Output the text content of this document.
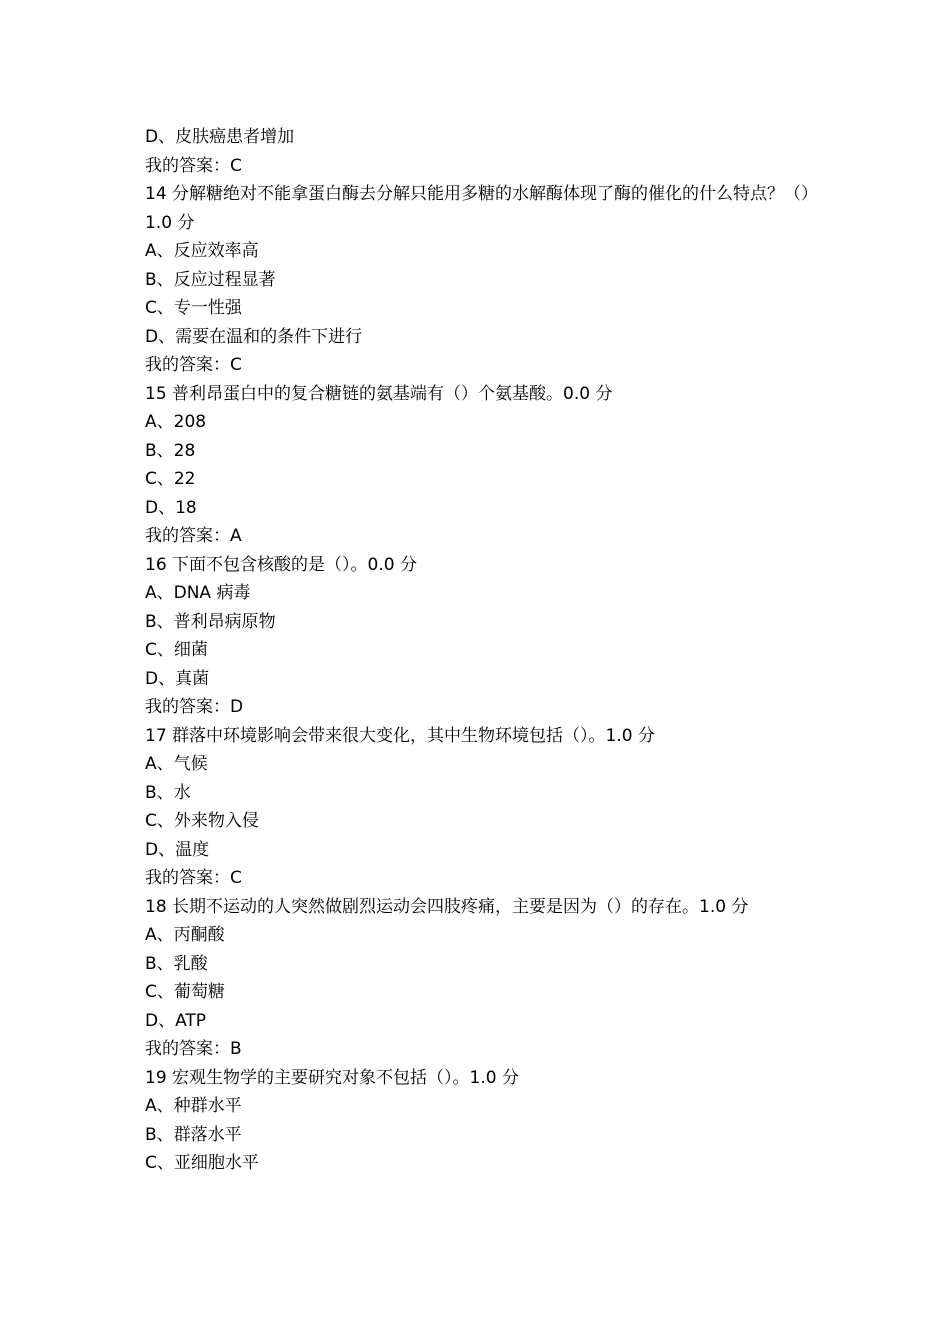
D、皮肤癌患者增加

我的答案：C

14 分解糖绝对不能拿蛋白酶去分解只能用多糖的水解酶体现了酶的催化的什么特点？（）1.0 分

A、反应效率高

B、反应过程显著

C、专一性强

D、需要在温和的条件下进行

我的答案：C

15 普利昂蛋白中的复合糖链的氨基端有（）个氨基酸。0.0 分

A、208

B、28

C、22

D、18

我的答案：A

16 下面不包含核酸的是（）。0.0 分

A、DNA 病毒

B、普利昂病原物

C、细菌

D、真菌

我的答案：D

17 群落中环境影响会带来很大变化，其中生物环境包括（）。1.0 分

A、气候

B、水

C、外来物入侵

D、温度

我的答案：C

18 长期不运动的人突然做剧烈运动会四肢疼痛，主要是因为（）的存在。1.0 分

A、丙酮酸

B、乳酸

C、葡萄糖

D、ATP

我的答案：B

19 宏观生物学的主要研究对象不包括（）。1.0 分

A、种群水平

B、群落水平

C、亚细胞水平
